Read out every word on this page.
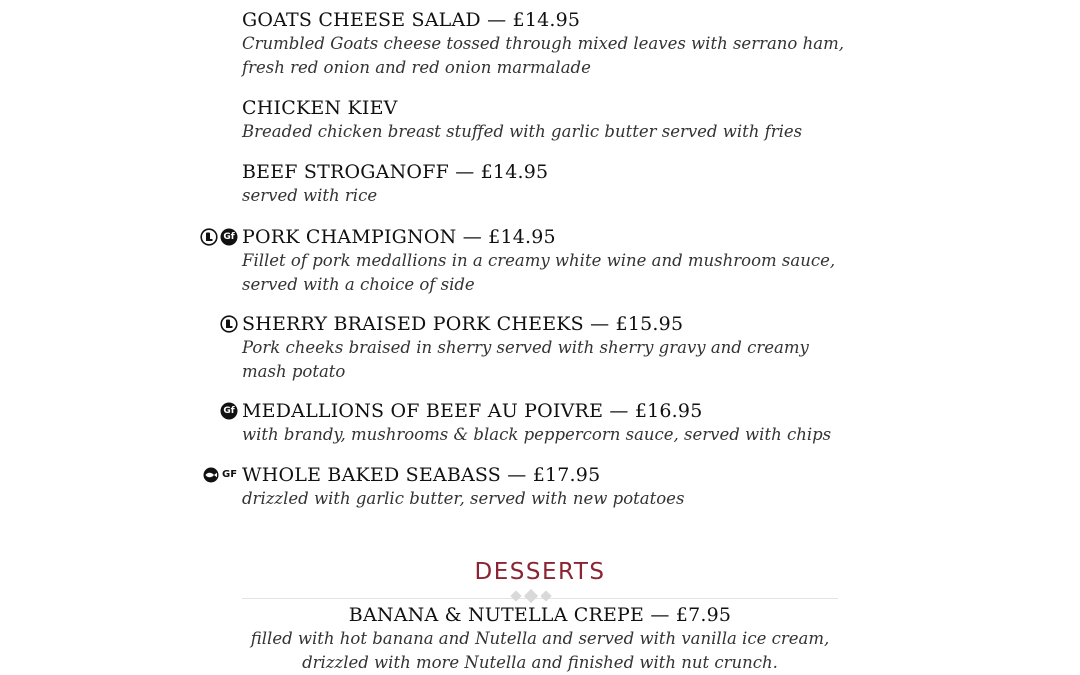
GOATS CHEESE SALAD — £14.95
Crumbled Goats cheese tossed through mixed leaves with serrano ham,
fresh red onion and red onion marmalade
CHICKEN KIEV
Breaded chicken breast stuffed with garlic butter served with fries
BEEF STROGANOFF — £14.95
served with rice
Gf PORK CHAMPIGNON — £14.95
Fillet of pork medallions in a creamy white wine and mushroom sauce,
served with a choice of side
SHERRY BRAISED PORK CHEEKS — £15.95
Pork cheeks braised in sherry served with sherry gravy and creamy
mash potato
Gf MEDALLIONS OF BEEF AU POIVRE — £16.95
with brandy, mushrooms & black peppercorn sauce, served with chips
GF WHOLE BAKED SEABASS — £17.95
drizzled with garlic butter, served with new potatoes
DESSERTS
BANANA & NUTELLA CREPE — £7.95
filled with hot banana and Nutella and served with vanilla ice cream,
drizzled with more Nutella and finished with nut crunch.
